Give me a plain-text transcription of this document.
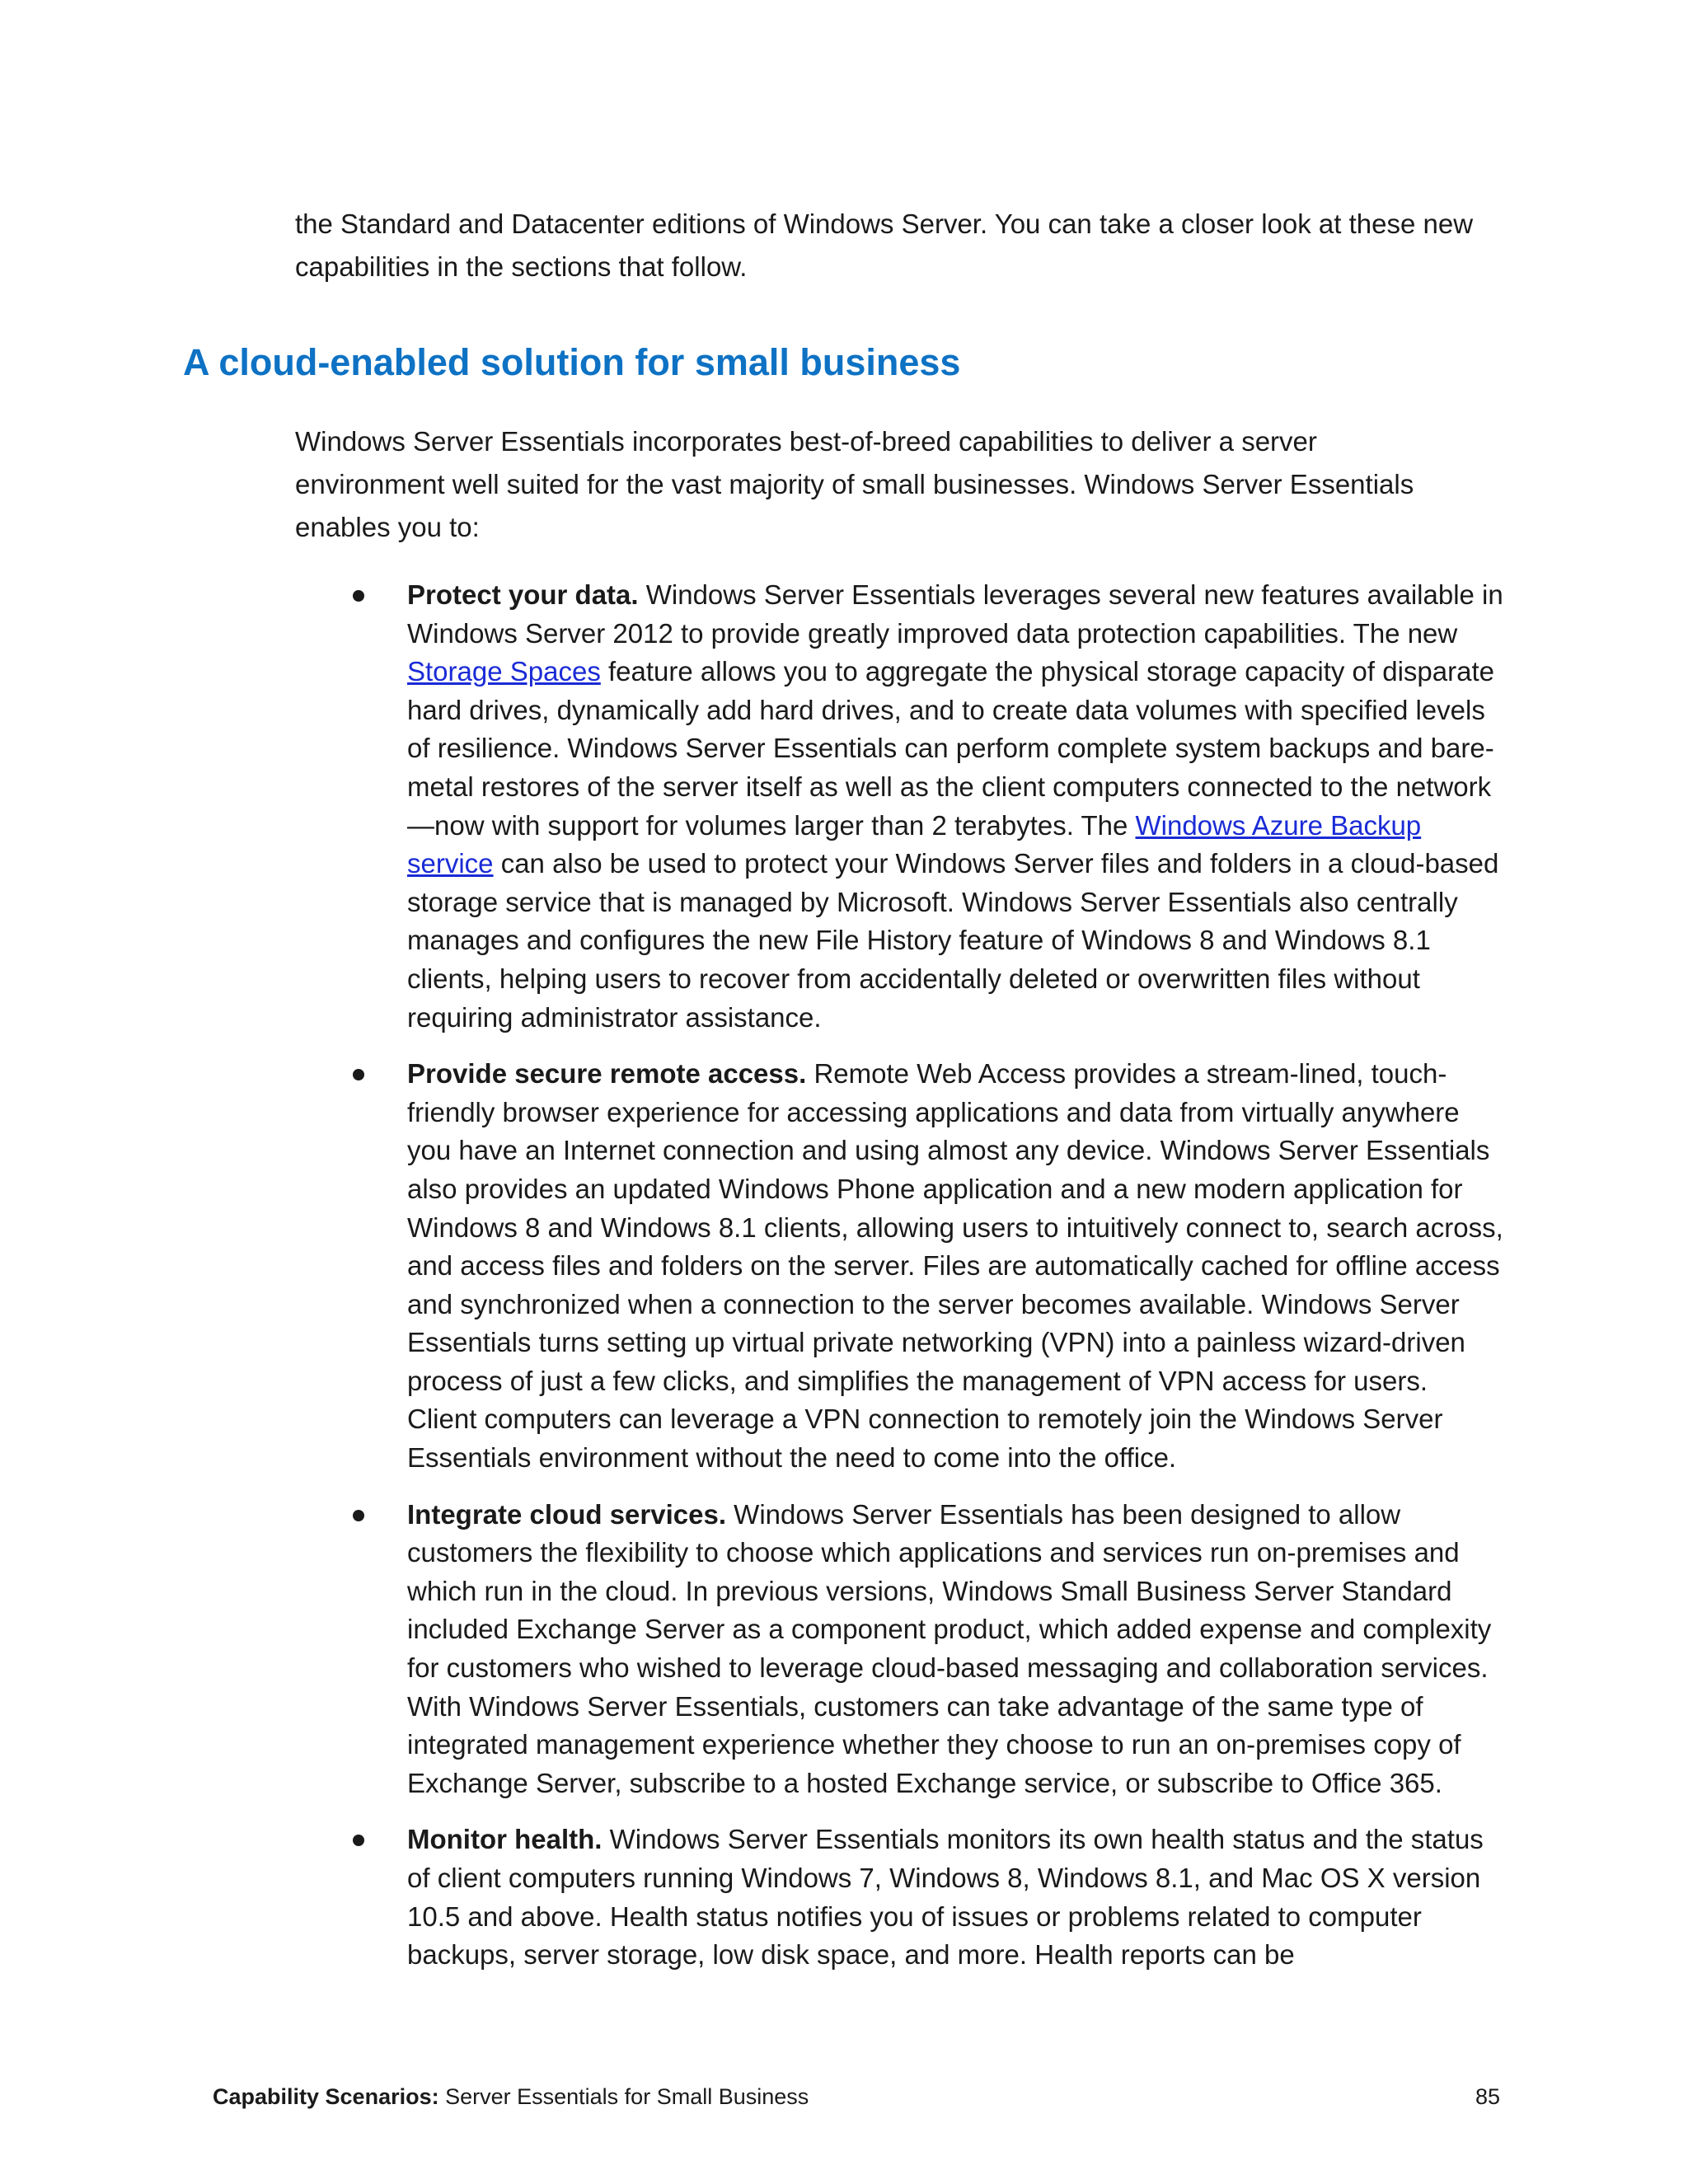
the Standard and Datacenter editions of Windows Server. You can take a closer look at these new capabilities in the sections that follow.

A cloud-enabled solution for small business

Windows Server Essentials incorporates best-of-breed capabilities to deliver a server environment well suited for the vast majority of small businesses. Windows Server Essentials enables you to:

Protect your data. Windows Server Essentials leverages several new features available in Windows Server 2012 to provide greatly improved data protection capabilities. The new Storage Spaces feature allows you to aggregate the physical storage capacity of disparate hard drives, dynamically add hard drives, and to create data volumes with specified levels of resilience. Windows Server Essentials can perform complete system backups and bare-metal restores of the server itself as well as the client computers connected to the network—now with support for volumes larger than 2 terabytes. The Windows Azure Backup service can also be used to protect your Windows Server files and folders in a cloud-based storage service that is managed by Microsoft. Windows Server Essentials also centrally manages and configures the new File History feature of Windows 8 and Windows 8.1 clients, helping users to recover from accidentally deleted or overwritten files without requiring administrator assistance.
Provide secure remote access. Remote Web Access provides a stream-lined, touch-friendly browser experience for accessing applications and data from virtually anywhere you have an Internet connection and using almost any device. Windows Server Essentials also provides an updated Windows Phone application and a new modern application for Windows 8 and Windows 8.1 clients, allowing users to intuitively connect to, search across, and access files and folders on the server. Files are automatically cached for offline access and synchronized when a connection to the server becomes available. Windows Server Essentials turns setting up virtual private networking (VPN) into a painless wizard-driven process of just a few clicks, and simplifies the management of VPN access for users. Client computers can leverage a VPN connection to remotely join the Windows Server Essentials environment without the need to come into the office.
Integrate cloud services. Windows Server Essentials has been designed to allow customers the flexibility to choose which applications and services run on-premises and which run in the cloud. In previous versions, Windows Small Business Server Standard included Exchange Server as a component product, which added expense and complexity for customers who wished to leverage cloud-based messaging and collaboration services. With Windows Server Essentials, customers can take advantage of the same type of integrated management experience whether they choose to run an on-premises copy of Exchange Server, subscribe to a hosted Exchange service, or subscribe to Office 365.
Monitor health. Windows Server Essentials monitors its own health status and the status of client computers running Windows 7, Windows 8, Windows 8.1, and Mac OS X version 10.5 and above. Health status notifies you of issues or problems related to computer backups, server storage, low disk space, and more. Health reports can be
Capability Scenarios: Server Essentials for Small Business	85
